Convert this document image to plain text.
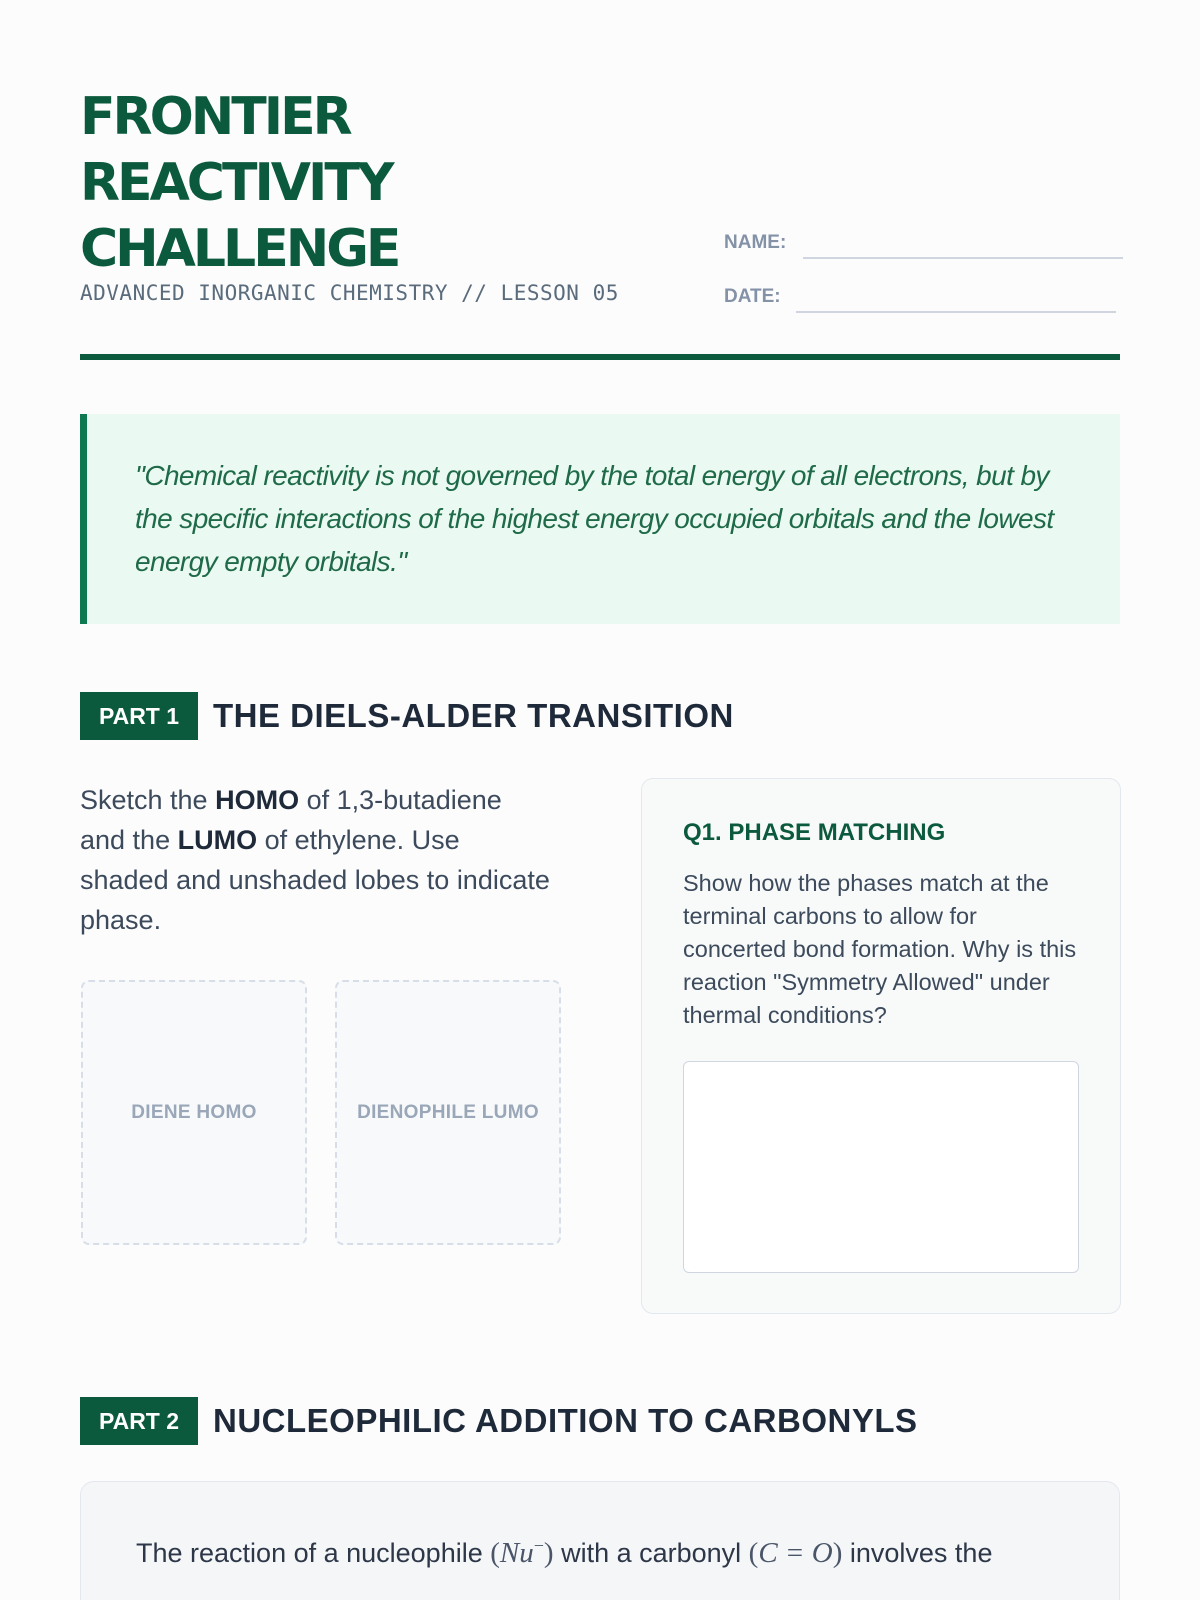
FRONTIER
REACTIVITY
CHALLENGE
ADVANCED INORGANIC CHEMISTRY // LESSON 05
NAME:
DATE:

"Chemical reactivity is not governed by the total energy of all electrons, but by the specific interactions of the highest energy occupied orbitals and the lowest energy empty orbitals."

PART 1	THE DIELS-ALDER TRANSITION

Sketch the HOMO of 1,3-butadiene and the LUMO of ethylene. Use shaded and unshaded lobes to indicate phase.

DIENE HOMO	DIENOPHILE LUMO

Q1. PHASE MATCHING

Show how the phases match at the terminal carbons to allow for concerted bond formation. Why is this reaction "Symmetry Allowed" under thermal conditions?

PART 2	NUCLEOPHILIC ADDITION TO CARBONYLS

The reaction of a nucleophile (Nu−) with a carbonyl (C = O) involves the
